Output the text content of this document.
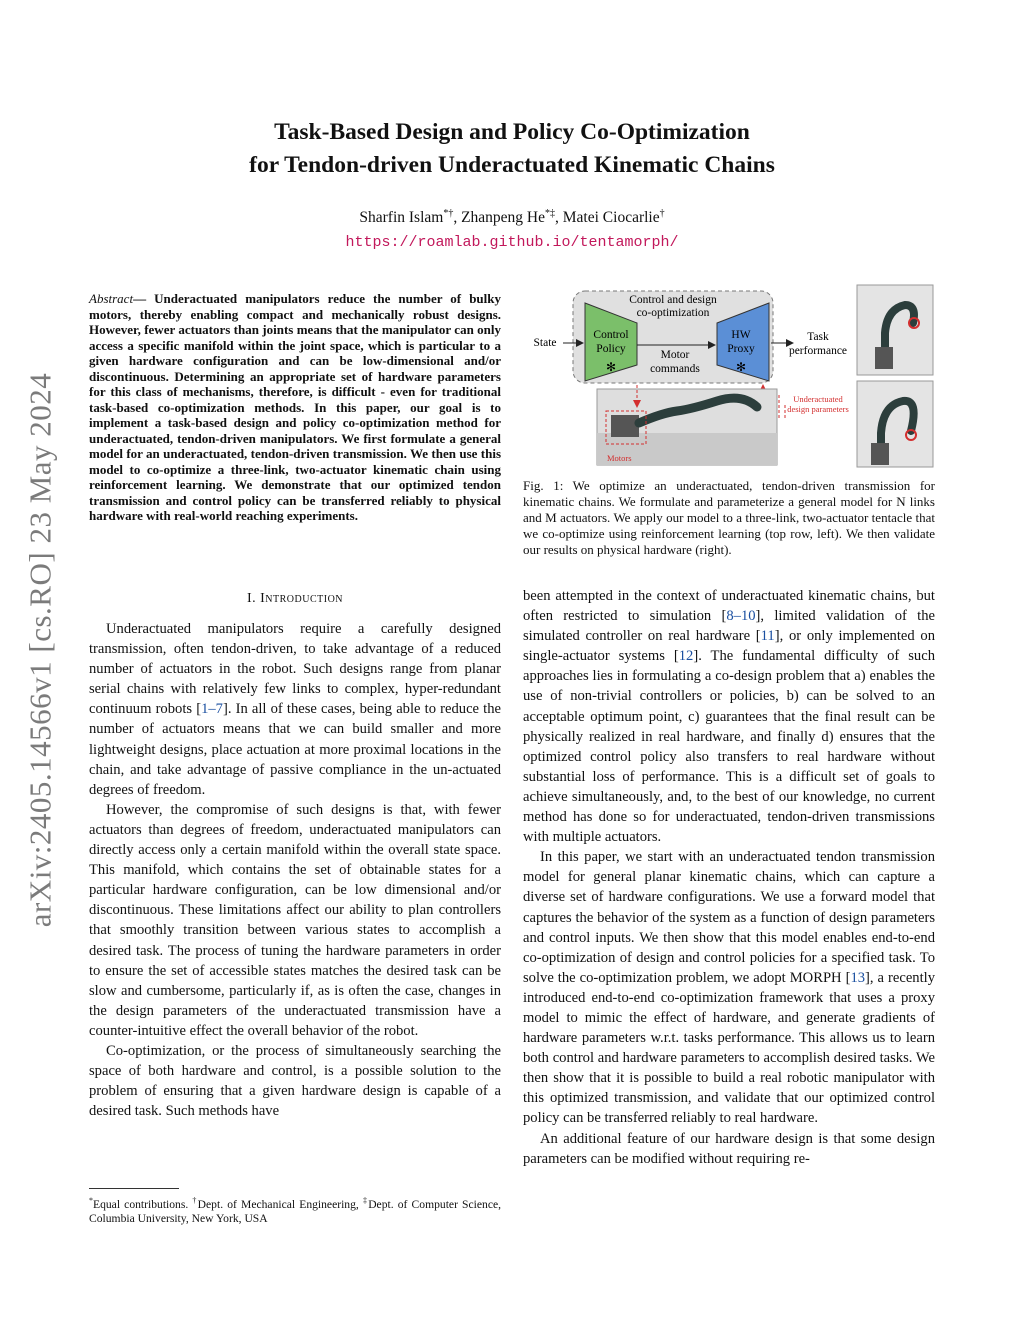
arXiv:2405.14566v1 [cs.RO] 23 May 2024
Task-Based Design and Policy Co-Optimization
for Tendon-driven Underactuated Kinematic Chains
Sharfin Islam*†, Zhanpeng He*‡, Matei Ciocarlie†
https://roamlab.github.io/tentamorph/
Abstract— Underactuated manipulators reduce the number of bulky motors, thereby enabling compact and mechanically robust designs. However, fewer actuators than joints means that the manipulator can only access a specific manifold within the joint space, which is particular to a given hardware configuration and can be low-dimensional and/or discontinuous. Determining an appropriate set of hardware parameters for this class of mechanisms, therefore, is difficult - even for traditional task-based co-optimization methods. In this paper, our goal is to implement a task-based design and policy co-optimization method for underactuated, tendon-driven manipulators. We first formulate a general model for an underactuated, tendon-driven transmission. We then use this model to co-optimize a three-link, two-actuator kinematic chain using reinforcement learning. We demonstrate that our optimized tendon transmission and control policy can be transferred reliably to physical hardware with real-world reaching experiments.
I. Introduction

Underactuated manipulators require a carefully designed transmission, often tendon-driven, to take advantage of a reduced number of actuators in the robot. Such designs range from planar serial chains with relatively few links to complex, hyper-redundant continuum robots [1–7]. In all of these cases, being able to reduce the number of actuators means that we can build smaller and more lightweight designs, place actuation at more proximal locations in the chain, and take advantage of passive compliance in the un-actuated degrees of freedom.

However, the compromise of such designs is that, with fewer actuators than degrees of freedom, underactuated manipulators can directly access only a certain manifold within the overall state space. This manifold, which contains the set of obtainable states for a particular hardware configuration, can be low dimensional and/or discontinuous. These limitations affect our ability to plan controllers that smoothly transition between various states to accomplish a desired task. The process of tuning the hardware parameters in order to ensure the set of accessible states matches the desired task can be slow and cumbersome, particularly if, as is often the case, changes in the design parameters of the underactuated transmission have a counter-intuitive effect the overall behavior of the robot.

Co-optimization, or the process of simultaneously searching the space of both hardware and control, is a possible solution to the problem of ensuring that a given hardware design is capable of a desired task. Such methods have

*Equal contributions. †Dept. of Mechanical Engineering, ‡Dept. of Computer Science, Columbia University, New York, USA
Control and design
co-optimization
Control
Policy
✻
HW
Proxy
✻
Motor
commands
State	Task
performance
Underactuated
design parameters
Motors
Fig. 1: We optimize an underactuated, tendon-driven transmission for kinematic chains. We formulate and parameterize a general model for N links and M actuators. We apply our model to a three-link, two-actuator tentacle that we co-optimize using reinforcement learning (top row, left). We then validate our results on physical hardware (right).

been attempted in the context of underactuated kinematic chains, but often restricted to simulation [8–10], limited validation of the simulated controller on real hardware [11], or only implemented on single-actuator systems [12]. The fundamental difficulty of such approaches lies in formulating a co-design problem that a) enables the use of non-trivial controllers or policies, b) can be solved to an acceptable optimum point, c) guarantees that the final result can be physically realized in real hardware, and finally d) ensures that the optimized control policy also transfers to real hardware without substantial loss of performance. This is a difficult set of goals to achieve simultaneously, and, to the best of our knowledge, no current method has done so for underactuated, tendon-driven transmissions with multiple actuators.

In this paper, we start with an underactuated tendon transmission model for general planar kinematic chains, which can capture a diverse set of hardware configurations. We use a forward model that captures the behavior of the system as a function of design parameters and control inputs. We then show that this model enables end-to-end co-optimization of design and control policies for a specified task. To solve the co-optimization problem, we adopt MORPH [13], a recently introduced end-to-end co-optimization framework that uses a proxy model to mimic the effect of hardware, and generate gradients of hardware parameters w.r.t. tasks performance. This allows us to learn both control and hardware parameters to accomplish desired tasks. We then show that it is possible to build a real robotic manipulator with this optimized transmission, and validate that our optimized control policy can be transferred reliably to real hardware.

An additional feature of our hardware design is that some design parameters can be modified without requiring re-
